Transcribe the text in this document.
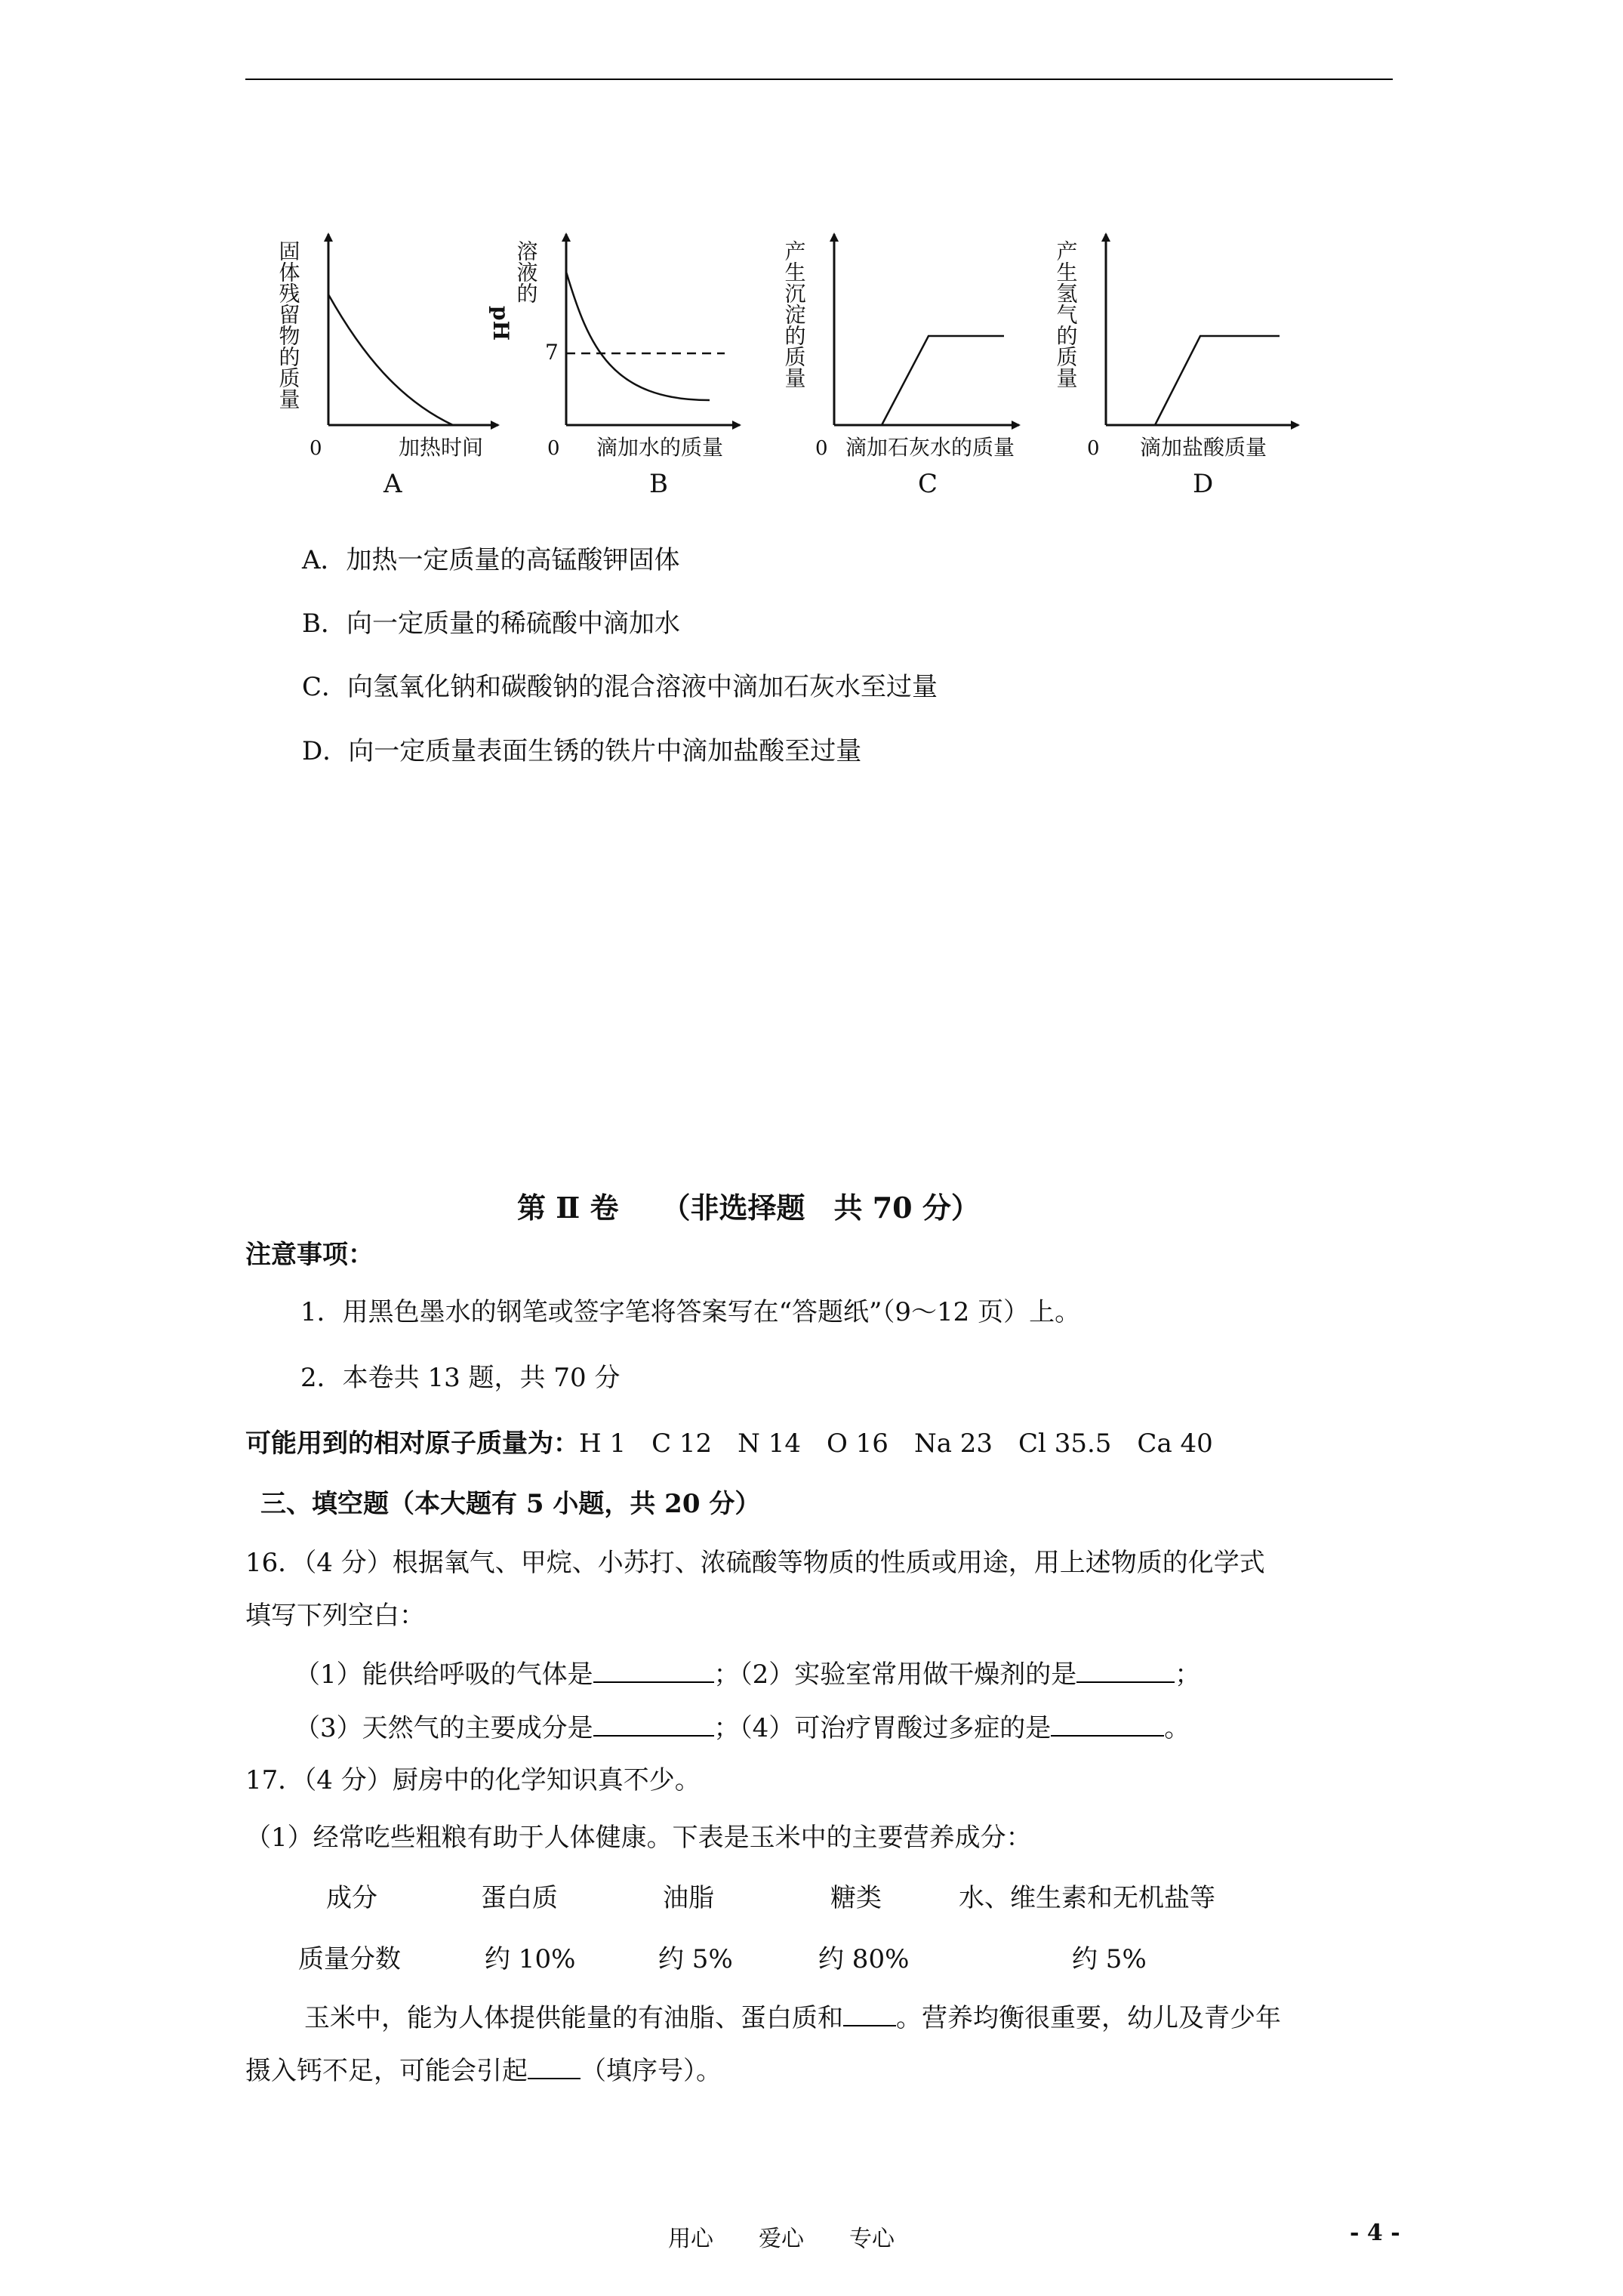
固体残留物的质量
0	加热时间
A
溶液的
7
0 滴加水的质量
B
产生沉淀的质量
0 滴加石灰水的质量
C
产生氢气的质量
0 滴加盐酸质量
D
pH
A．加热一定质量的高锰酸钾固体
B．向一定质量的稀硫酸中滴加水
C．向氢氧化钠和碳酸钠的混合溶液中滴加石灰水至过量
D．向一定质量表面生锈的铁片中滴加盐酸至过量
第 Ⅱ 卷　　（非选择题　共 70 分）
注意事项：
1．用黑色墨水的钢笔或签字笔将答案写在“答题纸”（9～12 页）上。
2．本卷共 13 题，共 70 分
可能用到的相对原子质量为：H 1　C 12　N 14　O 16　Na 23　Cl 35.5　Ca 40
三、填空题（本大题有 5 小题，共 20 分）
16．（4 分）根据氧气、甲烷、小苏打、浓硫酸等物质的性质或用途，用上述物质的化学式
填写下列空白：
（1）能供给呼吸的气体是	；（2）实验室常用做干燥剂的是	；
（3）天然气的主要成分是	；（4）可治疗胃酸过多症的是	。
17．（4 分）厨房中的化学知识真不少。
（1）经常吃些粗粮有助于人体健康。下表是玉米中的主要营养成分：
成分	蛋白质	油脂	糖类	水、维生素和无机盐等
质量分数	约 10%	约 5%	约 80%	约 5%
玉米中，能为人体提供能量的有油脂、蛋白质和 。营养均衡很重要，幼儿及青少年
摄入钙不足，可能会引起 （填序号）。
用心　　爱心　　专心	- 4 -
